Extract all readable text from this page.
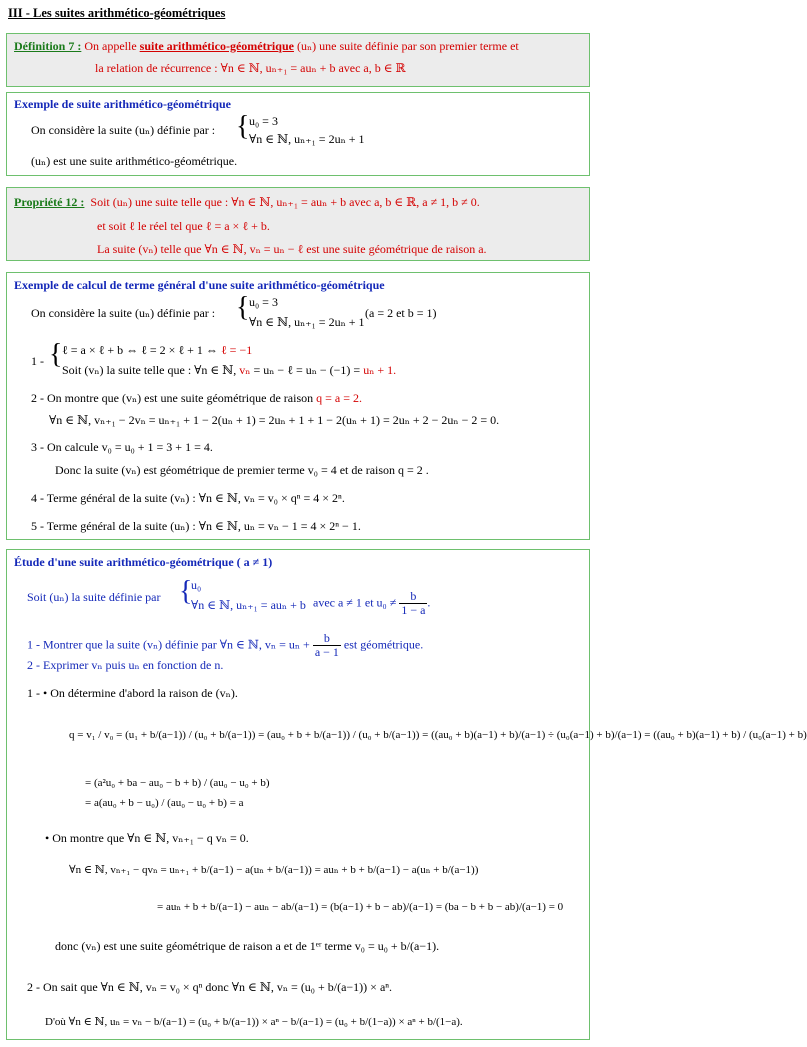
III - Les suites arithmético-géométriques
Définition 7 : On appelle suite arithmético-géométrique (uₙ) une suite définie par son premier terme et
la relation de récurrence : ∀n ∈ ℕ, uₙ₊₁ = auₙ + b avec a, b ∈ ℝ
Exemple de suite arithmético-géométrique
On considère la suite (uₙ) définie par : { u₀ = 3
∀n ∈ ℕ, uₙ₊₁ = 2uₙ + 1
(uₙ) est une suite arithmético-géométrique.
Propriété 12 : Soit (uₙ) une suite telle que : ∀n ∈ ℕ, uₙ₊₁ = auₙ + b avec a, b ∈ ℝ, a ≠ 1, b ≠ 0.
et soit ℓ le réel tel que ℓ = a × ℓ + b.
La suite (vₙ) telle que ∀n ∈ ℕ, vₙ = uₙ − ℓ est une suite géométrique de raison a.
Exemple de calcul de terme général d'une suite arithmético-géométrique
On considère la suite (uₙ) définie par : { u₀ = 3
∀n ∈ ℕ, uₙ₊₁ = 2uₙ + 1
(a = 2 et b = 1)
1 - { ℓ = a × ℓ + b ⇔ ℓ = 2 × ℓ + 1 ⇔ ℓ = −1
Soit (vₙ) la suite telle que : ∀n ∈ ℕ, vₙ = uₙ − ℓ = uₙ − (−1) = uₙ + 1.
2 - On montre que (vₙ) est une suite géométrique de raison q = a = 2.
∀n ∈ ℕ, vₙ₊₁ − 2vₙ = uₙ₊₁ + 1 − 2(uₙ + 1) = 2uₙ + 1 + 1 − 2(uₙ + 1) = 2uₙ + 2 − 2uₙ − 2 = 0.
3 - On calcule v₀ = u₀ + 1 = 3 + 1 = 4.
Donc la suite (vₙ) est géométrique de premier terme v₀ = 4 et de raison q = 2 .
4 - Terme général de la suite (vₙ) : ∀n ∈ ℕ, vₙ = v₀ × qⁿ = 4 × 2ⁿ.
5 - Terme général de la suite (uₙ) : ∀n ∈ ℕ, uₙ = vₙ − 1 = 4 × 2ⁿ − 1.
Étude d'une suite arithmético-géométrique ( a ≠ 1)
Soit (uₙ) la suite définie par {
u₀
∀n ∈ ℕ, uₙ₊₁ = auₙ + b avec a ≠ 1 et $u_0 \ne \frac{b}{1 - a}$ .
1 - Montrer que la suite (vₙ) définie par ∀n ∈ ℕ, $v_n = u_n + \frac{b}{a - 1}$ est géométrique.
2 - Exprimer vₙ puis uₙ en fonction de n.
1 - • On détermine d'abord la raison de (vₙ).
q = v₁ / v₀ = (u₁ + b/(a−1)) / (u₀ + b/(a−1)) = (au₀ + b + b/(a−1)) / (u₀ + b/(a−1)) = ((au₀ + b)(a−1) + b)/(a−1) ÷ (u₀(a−1) + b)/(a−1) = ((au₀ + b)(a−1) + b) / (u₀(a−1) + b)
= (a²u₀ + ba − au₀ − b + b) / (au₀ − u₀ + b)
= a(au₀ + b − u₀) / (au₀ − u₀ + b) = a
• On montre que ∀n ∈ ℕ, vₙ₊₁ − q vₙ = 0.
∀n ∈ ℕ, vₙ₊₁ − qvₙ = uₙ₊₁ + b/(a−1) − a(uₙ + b/(a−1)) = auₙ + b + b/(a−1) − a(uₙ + b/(a−1))
= auₙ + b + b/(a−1) − auₙ − ab/(a−1) = (b(a−1) + b − ab)/(a−1) = (ba − b + b − ab)/(a−1) = 0
donc (vₙ) est une suite géométrique de raison a et de 1ᵉʳ terme v₀ = u₀ + b/(a−1).
2 - On sait que ∀n ∈ ℕ, vₙ = v₀ × qⁿ donc ∀n ∈ ℕ, vₙ = (u₀ + b/(a−1)) × aⁿ.
D'où ∀n ∈ ℕ, uₙ = vₙ − b/(a−1) = (u₀ + b/(a−1)) × aⁿ − b/(a−1) = (u₀ + b/(1−a)) × aⁿ + b/(1−a).
